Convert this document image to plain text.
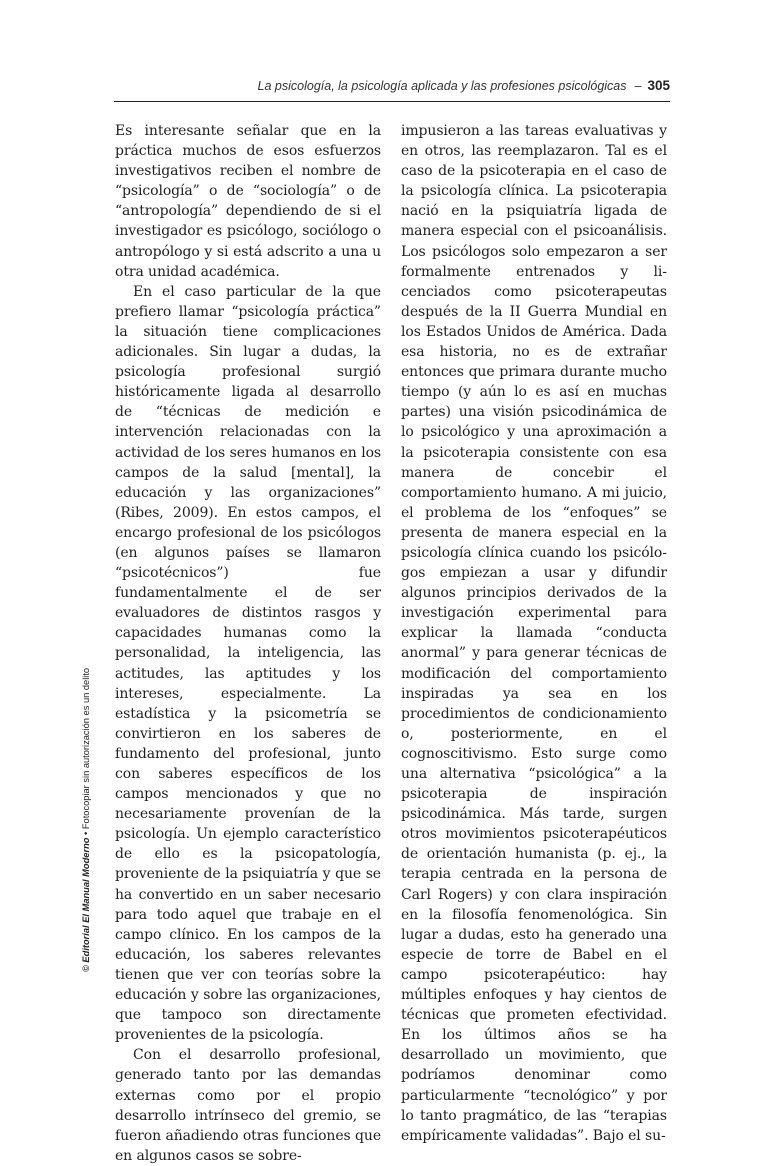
La psicología, la psicología aplicada y las profesiones psicológicas – 305

Es interesante señalar que en la práctica muchos de esos esfuerzos investigativos reciben el nombre de “psicología” o de “sociología” o de “antropología” dependiendo de si el investigador es psicólogo, sociólogo o antropólogo y si está adscrito a una u otra unidad académica.

En el caso particular de la que prefiero llamar “psicología práctica” la situación tiene complicaciones adicionales. Sin lugar a dudas, la psicología profesional surgió históricamente ligada al desarrollo de “técnicas de medición e intervención relacionadas con la actividad de los seres humanos en los campos de la salud [mental], la educación y las organizaciones” (Ribes, 2009). En estos campos, el encargo profesional de los psicólogos (en algunos países se llamaron “psicotécnicos”) fue fundamentalmente el de ser evaluadores de distintos rasgos y capacidades humanas como la personalidad, la inteligencia, las actitudes, las aptitudes y los intereses, especialmente. La estadística y la psicometría se convirtieron en los saberes de fundamento del profesional, junto con saberes específicos de los campos mencionados y que no necesariamente provenían de la psicología. Un ejemplo característico de ello es la psicopatología, proveniente de la psiquiatría y que se ha convertido en un saber necesario para todo aquel que trabaje en el campo clínico. En los campos de la educación, los saberes relevantes tienen que ver con teorías sobre la educación y sobre las organizaciones, que tampoco son directamente provenientes de la psicología.

Con el desarrollo profesional, generado tanto por las demandas externas como por el propio desarrollo intrínseco del gremio, se fueron añadiendo otras funciones que en algunos casos se sobre-

impusieron a las tareas evaluativas y en otros, las reemplazaron. Tal es el caso de la psicoterapia en el caso de la psicología clínica. La psicoterapia nació en la psiquiatría ligada de manera especial con el psicoanálisis. Los psicólogos solo empezaron a ser formalmente entrenados y licenciados como psicoterapeutas después de la II Guerra Mundial en los Estados Unidos de América. Dada esa historia, no es de extrañar entonces que primara durante mucho tiempo (y aún lo es así en muchas partes) una visión psicodinámica de lo psicológico y una aproximación a la psicoterapia consistente con esa manera de concebir el comportamiento humano. A mi juicio, el problema de los “enfoques” se presenta de manera especial en la psicología clínica cuando los psicólogos empiezan a usar y difundir algunos principios derivados de la investigación experimental para explicar la llamada “conducta anormal” y para generar técnicas de modificación del comportamiento inspiradas ya sea en los procedimientos de condicionamiento o, posteriormente, en el cognoscitivismo. Esto surge como una alternativa “psicológica” a la psicoterapia de inspiración psicodinámica. Más tarde, surgen otros movimientos psicoterapéuticos de orientación humanista (p. ej., la terapia centrada en la persona de Carl Rogers) y con clara inspiración en la filosofía fenomenológica. Sin lugar a dudas, esto ha generado una especie de torre de Babel en el campo psicoterapéutico: hay múltiples enfoques y hay cientos de técnicas que prometen efectividad. En los últimos años se ha desarrollado un movimiento, que podríamos denominar como particularmente “tecnológico” y por lo tanto pragmático, de las “terapias empíricamente validadas”. Bajo el su-

© Editorial El Manual Moderno • Fotocopiar sin autorización es un delito
